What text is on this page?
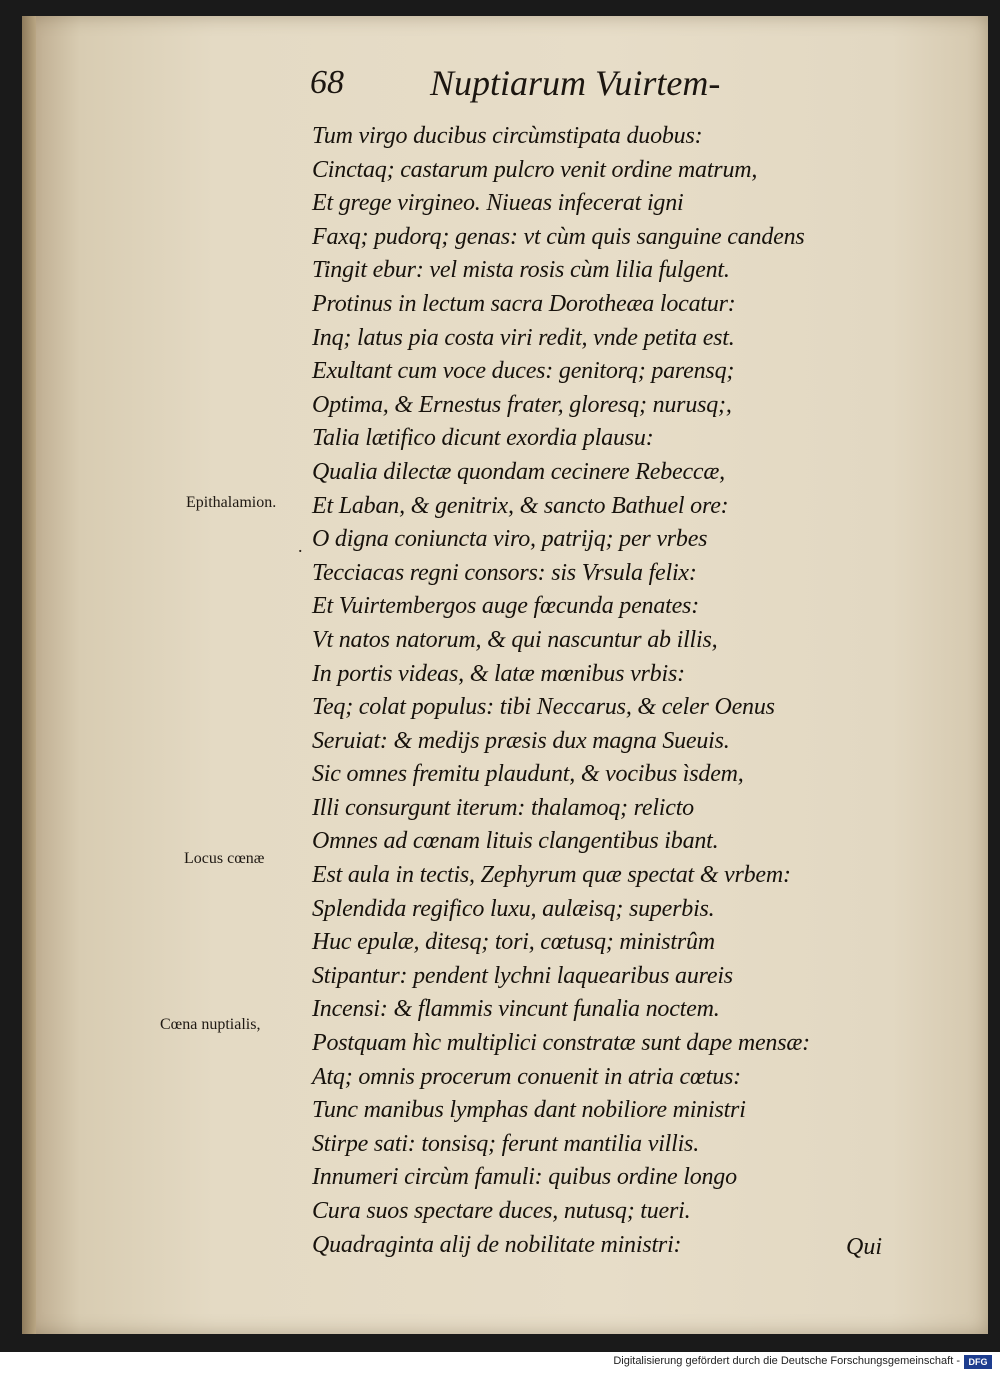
68 Nuptiarum Vuirtem-
Tum virgo ducibus circùmstipata duobus:
Cinctaq; castarum pulcro venit ordine matrum,
Et grege virgineo. Niueas infecerat igni
Faxq; pudorq; genas: vt cùm quis sanguine candens
Tingit ebur: vel mista rosis cùm lilia fulgent.
Protinus in lectum sacra Dorotheæa locatur:
Inq; latus pia costa viri redit, vnde petita est.
Exultant cum voce duces: genitorq; parensq;
Optima, & Ernestus frater, gloresq; nurusq;,
Talia lætifico dicunt exordia plausu:
Qualia dilectæ quondam cecinere Rebeccæ,
Et Laban, & genitrix, & sancto Bathuel ore:
O digna coniuncta viro, patrijq; per vrbes
Tecciacas regni consors: sis Vrsula felix:
Et Vuirtembergos auge fœcunda penates:
Vt natos natorum, & qui nascuntur ab illis,
In portis videas, & latæ mœnibus vrbis:
Teq; colat populus: tibi Neccarus, & celer Oenus
Seruiat: & medijs præsis dux magna Sueuis.
Sic omnes fremitu plaudunt, & vocibus ìsdem,
Illi consurgunt iterum: thalamoq; relicto
Omnes ad cœnam lituis clangentibus ibant.
Est aula in tectis, Zephyrum quæ spectat & vrbem:
Splendida regifico luxu, aulæisq; superbis.
Huc epulæ, ditesq; tori, cœtusq; ministrûm
Stipantur: pendent lychni laquearibus aureis
Incensi: & flammis vincunt funalia noctem.
Postquam hìc multiplici constratæ sunt dape mensæ:
Atq; omnis procerum conuenit in atria cœtus:
Tunc manibus lymphas dant nobiliore ministri
Stirpe sati: tonsisq; ferunt mantilia villis.
Innumeri circùm famuli: quibus ordine longo
Cura suos spectare duces, nutusq; tueri.
Quadraginta alij de nobilitate ministri:
Epithalamion.
.
Locus cœnæ
Cœna nuptialis,
Qui
Digitalisierung gefördert durch die Deutsche Forschungsgemeinschaft - DFG
